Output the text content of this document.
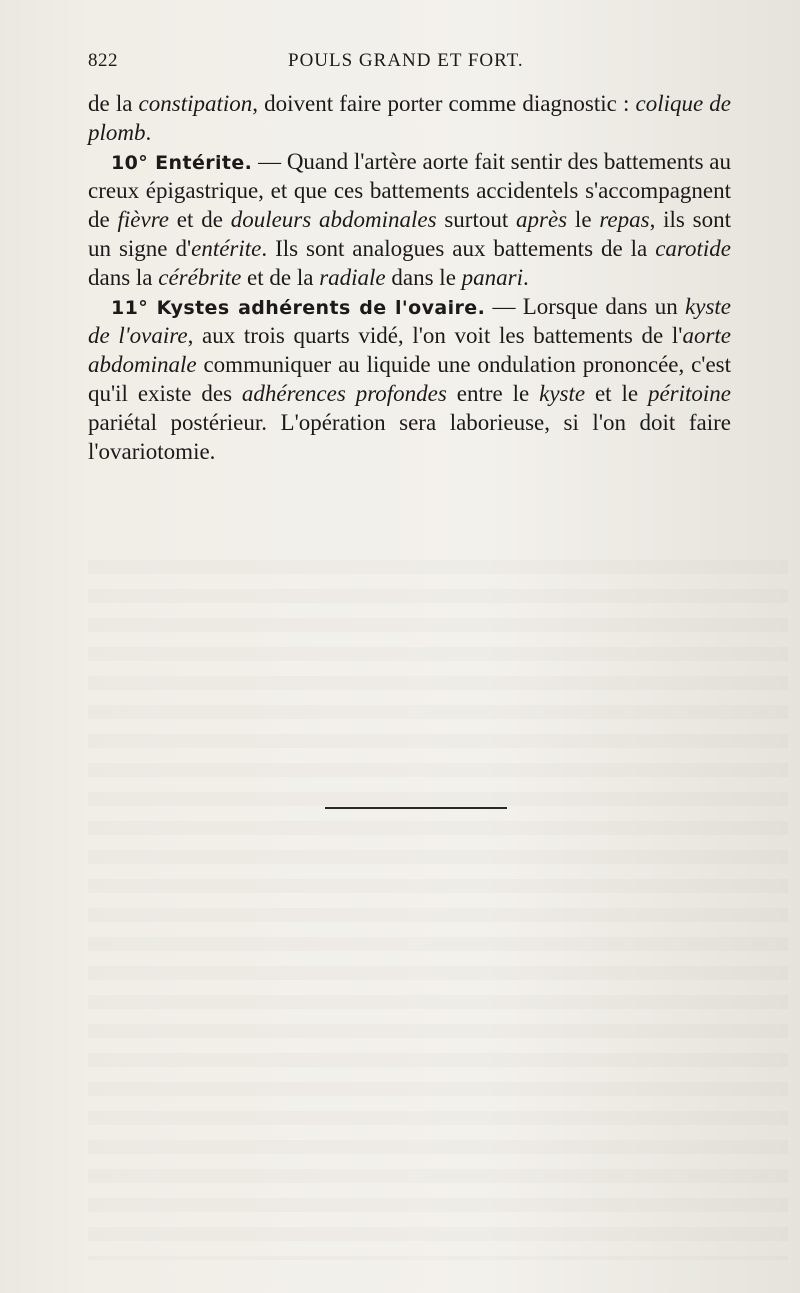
822	POULS GRAND ET FORT.

de la constipation, doivent faire porter comme diagnostic : colique de plomb.

10° Entérite. — Quand l'artère aorte fait sentir des battements au creux épigastrique, et que ces battements accidentels s'accompagnent de fièvre et de douleurs abdominales surtout après le repas, ils sont un signe d'entérite. Ils sont analogues aux battements de la carotide dans la cérébrite et de la radiale dans le panari.

11° Kystes adhérents de l'ovaire. — Lorsque dans un kyste de l'ovaire, aux trois quarts vidé, l'on voit les battements de l'aorte abdominale communiquer au liquide une ondulation prononcée, c'est qu'il existe des adhérences profondes entre le kyste et le péritoine pariétal postérieur. L'opération sera laborieuse, si l'on doit faire l'ovariotomie.
